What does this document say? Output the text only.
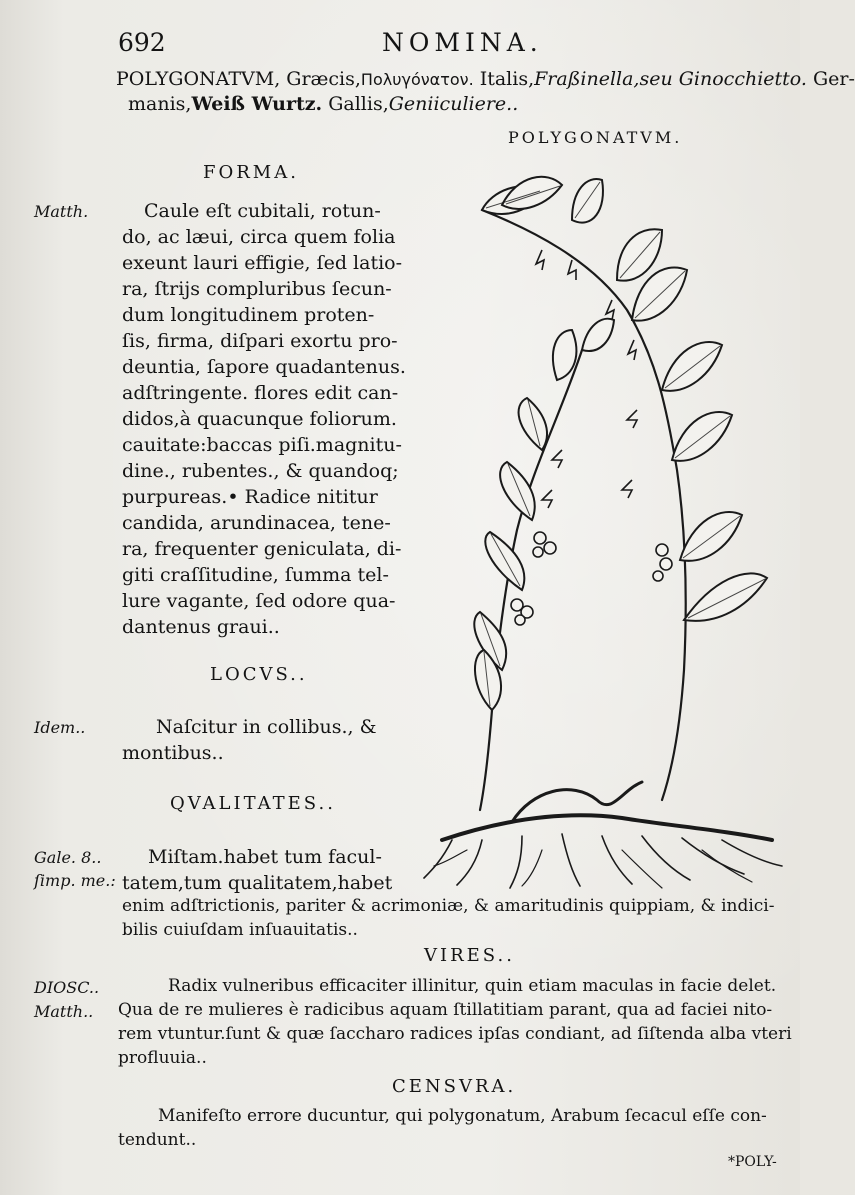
692	NOMINA.
POLYGONATVM, Græcis,Πολυγόνατον. Italis,Fraßinella,seu Ginocchietto. Ger-
manis,Weiß Wurtz. Gallis,Geniiculiere..
POLYGONATVM.
FORMA.
Matth.	Caule eſt cubitali, rotun-

do, ac læui, circa quem folia

exeunt lauri effigie, ſed latio-

ra, ſtrijs compluribus ſecun-

dum longitudinem proten-

ſis, firma, diſpari exortu pro-

deuntia, ſapore quadantenus.

adſtringente. flores edit can-

didos,à quacunque foliorum.

cauitate:baccas piſi.magnitu-

dine., rubentes., & quandoq;

purpureas.• Radice nititur

candida, arundinacea, tene-

ra, frequenter geniculata, di-

giti craſſitudine, ſumma tel-

lure vagante, ſed odore qua-

dantenus graui..

LOCVS..
Idem..	Naſcitur in collibus., &

montibus..

QVALITATES..
Gale. 8..
ſimp. me.:

Miſtam.habet tum facul-

tatem,tum qualitatem,habet

enim adſtrictionis, pariter & acrimoniæ, & amaritudinis quippiam, & indici-

bilis cuiuſdam inſuauitatis..

VIRES..
DIOSC..
Matth..

Radix vulneribus efficaciter illinitur, quin etiam maculas in facie delet.

Qua de re mulieres è radicibus aquam ſtillatitiam parant, qua ad faciei nito-

rem vtuntur.ſunt & quæ ſaccharo radices ipſas condiant, ad ſiſtenda alba vteri

profluuia..

CENSVRA.

Manifeſto errore ducuntur, qui polygonatum, Arabum ſecacul eſſe con-

tendunt..

*POLY-
